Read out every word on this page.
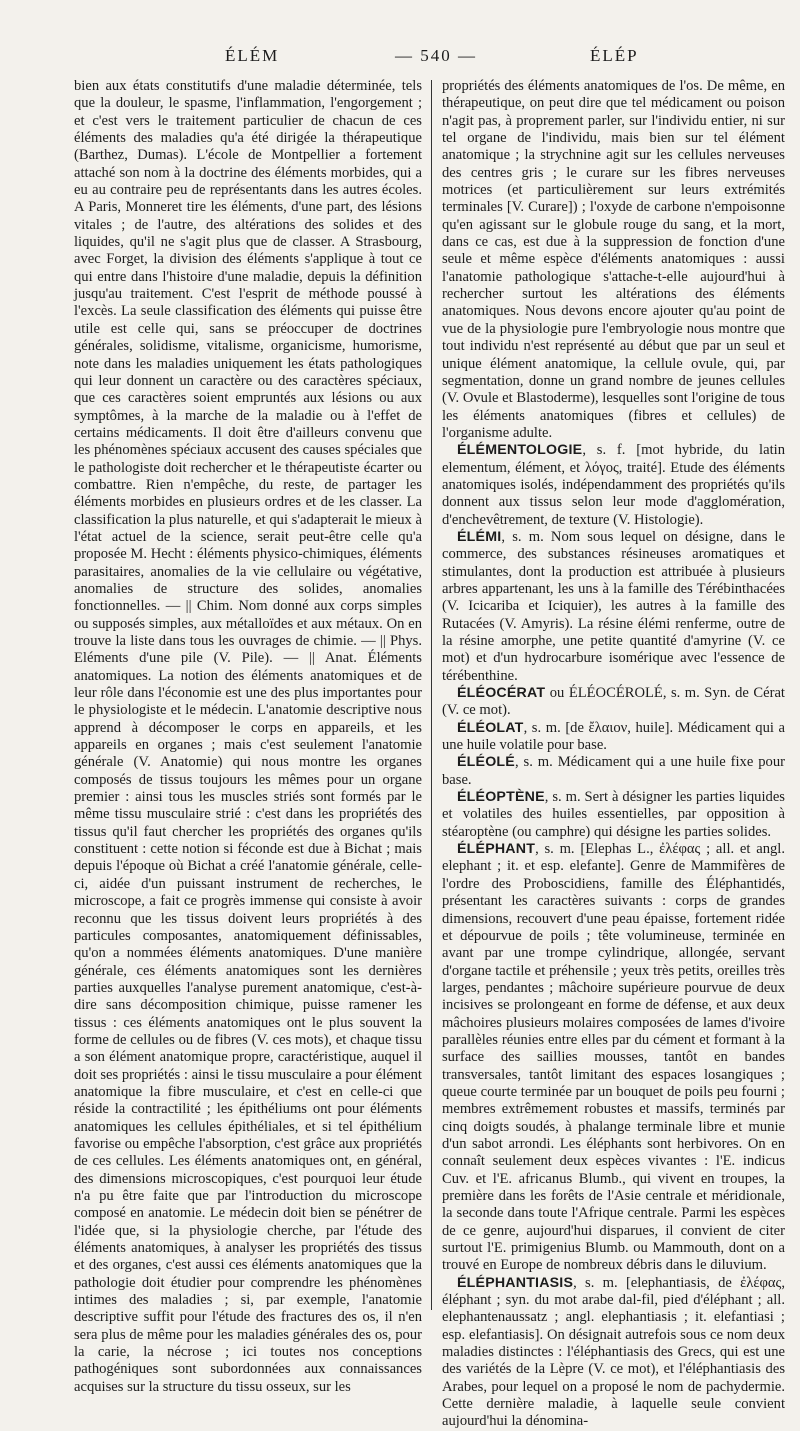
ÉLÉM	— 540 —	ÉLÉP

bien aux états constitutifs d'une maladie déterminée, tels que la douleur, le spasme, l'inflammation, l'engorgement ; et c'est vers le traitement particulier de chacun de ces éléments des maladies qu'a été dirigée la thérapeutique (Barthez, Dumas). L'école de Montpellier a fortement attaché son nom à la doctrine des éléments morbides, qui a eu au contraire peu de représentants dans les autres écoles. A Paris, Monneret tire les éléments, d'une part, des lésions vitales ; de l'autre, des altérations des solides et des liquides, qu'il ne s'agit plus que de classer. A Strasbourg, avec Forget, la division des éléments s'applique à tout ce qui entre dans l'histoire d'une maladie, depuis la définition jusqu'au traitement. C'est l'esprit de méthode poussé à l'excès. La seule classification des éléments qui puisse être utile est celle qui, sans se préoccuper de doctrines générales, solidisme, vitalisme, organicisme, humorisme, note dans les maladies uniquement les états pathologiques qui leur donnent un caractère ou des caractères spéciaux, que ces caractères soient empruntés aux lésions ou aux symptômes, à la marche de la maladie ou à l'effet de certains médicaments. Il doit être d'ailleurs convenu que les phénomènes spéciaux accusent des causes spéciales que le pathologiste doit rechercher et le thérapeutiste écarter ou combattre. Rien n'empêche, du reste, de partager les éléments morbides en plusieurs ordres et de les classer. La classification la plus naturelle, et qui s'adapterait le mieux à l'état actuel de la science, serait peut-être celle qu'a proposée M. Hecht : éléments physico-chimiques, éléments parasitaires, anomalies de la vie cellulaire ou végétative, anomalies de structure des solides, anomalies fonctionnelles. — || Chim. Nom donné aux corps simples ou supposés simples, aux métalloïdes et aux métaux. On en trouve la liste dans tous les ouvrages de chimie. — || Phys. Eléments d'une pile (V. Pile). — || Anat. Éléments anatomiques. La notion des éléments anatomiques et de leur rôle dans l'économie est une des plus importantes pour le physiologiste et le médecin. L'anatomie descriptive nous apprend à décomposer le corps en appareils, et les appareils en organes ; mais c'est seulement l'anatomie générale (V. Anatomie) qui nous montre les organes composés de tissus toujours les mêmes pour un organe premier : ainsi tous les muscles striés sont formés par le même tissu musculaire strié : c'est dans les propriétés des tissus qu'il faut chercher les propriétés des organes qu'ils constituent : cette notion si féconde est due à Bichat ; mais depuis l'époque où Bichat a créé l'anatomie générale, celle-ci, aidée d'un puissant instrument de recherches, le microscope, a fait ce progrès immense qui consiste à avoir reconnu que les tissus doivent leurs propriétés à des particules composantes, anatomiquement définissables, qu'on a nommées éléments anatomiques. D'une manière générale, ces éléments anatomiques sont les dernières parties auxquelles l'analyse purement anatomique, c'est-à-dire sans décomposition chimique, puisse ramener les tissus : ces éléments anatomiques ont le plus souvent la forme de cellules ou de fibres (V. ces mots), et chaque tissu a son élément anatomique propre, caractéristique, auquel il doit ses propriétés : ainsi le tissu musculaire a pour élément anatomique la fibre musculaire, et c'est en celle-ci que réside la contractilité ; les épithéliums ont pour éléments anatomiques les cellules épithéliales, et si tel épithélium favorise ou empêche l'absorption, c'est grâce aux propriétés de ces cellules. Les éléments anatomiques ont, en général, des dimensions microscopiques, c'est pourquoi leur étude n'a pu être faite que par l'introduction du microscope composé en anatomie. Le médecin doit bien se pénétrer de l'idée que, si la physiologie cherche, par l'étude des éléments anatomiques, à analyser les propriétés des tissus et des organes, c'est aussi ces éléments anatomiques que la pathologie doit étudier pour comprendre les phénomènes intimes des maladies ; si, par exemple, l'anatomie descriptive suffit pour l'étude des fractures des os, il n'en sera plus de même pour les maladies générales des os, pour la carie, la nécrose ; ici toutes nos conceptions pathogéniques sont subordonnées aux connaissances acquises sur la structure du tissu osseux, sur les

propriétés des éléments anatomiques de l'os. De même, en thérapeutique, on peut dire que tel médicament ou poison n'agit pas, à proprement parler, sur l'individu entier, ni sur tel organe de l'individu, mais bien sur tel élément anatomique ; la strychnine agit sur les cellules nerveuses des centres gris ; le curare sur les fibres nerveuses motrices (et particulièrement sur leurs extrémités terminales [V. Curare]) ; l'oxyde de carbone n'empoisonne qu'en agissant sur le globule rouge du sang, et la mort, dans ce cas, est due à la suppression de fonction d'une seule et même espèce d'éléments anatomiques : aussi l'anatomie pathologique s'attache-t-elle aujourd'hui à rechercher surtout les altérations des éléments anatomiques. Nous devons encore ajouter qu'au point de vue de la physiologie pure l'embryologie nous montre que tout individu n'est représenté au début que par un seul et unique élément anatomique, la cellule ovule, qui, par segmentation, donne un grand nombre de jeunes cellules (V. Ovule et Blastoderme), lesquelles sont l'origine de tous les éléments anatomiques (fibres et cellules) de l'organisme adulte.

ÉLÉMENTOLOGIE, s. f. [mot hybride, du latin elementum, élément, et λόγος, traité]. Etude des éléments anatomiques isolés, indépendamment des propriétés qu'ils donnent aux tissus selon leur mode d'agglomération, d'enchevêtrement, de texture (V. Histologie).

ÉLÉMI, s. m. Nom sous lequel on désigne, dans le commerce, des substances résineuses aromatiques et stimulantes, dont la production est attribuée à plusieurs arbres appartenant, les uns à la famille des Térébinthacées (V. Icicariba et Iciquier), les autres à la famille des Rutacées (V. Amyris). La résine élémi renferme, outre de la résine amorphe, une petite quantité d'amyrine (V. ce mot) et d'un hydrocarbure isomérique avec l'essence de térébenthine.

ÉLÉOCÉRAT ou ÉLÉOCÉROLÉ, s. m. Syn. de Cérat (V. ce mot).

ÉLÉOLAT, s. m. [de ἔλαιον, huile]. Médicament qui a une huile volatile pour base.

ÉLÉOLÉ, s. m. Médicament qui a une huile fixe pour base.

ÉLÉOPTÈNE, s. m. Sert à désigner les parties liquides et volatiles des huiles essentielles, par opposition à stéaroptène (ou camphre) qui désigne les parties solides.

ÉLÉPHANT, s. m. [Elephas L., ἐλέφας ; all. et angl. elephant ; it. et esp. elefante]. Genre de Mammifères de l'ordre des Proboscidiens, famille des Éléphantidés, présentant les caractères suivants : corps de grandes dimensions, recouvert d'une peau épaisse, fortement ridée et dépourvue de poils ; tête volumineuse, terminée en avant par une trompe cylindrique, allongée, servant d'organe tactile et préhensile ; yeux très petits, oreilles très larges, pendantes ; mâchoire supérieure pourvue de deux incisives se prolongeant en forme de défense, et aux deux mâchoires plusieurs molaires composées de lames d'ivoire parallèles réunies entre elles par du cément et formant à la surface des saillies mousses, tantôt en bandes transversales, tantôt limitant des espaces losangiques ; queue courte terminée par un bouquet de poils peu fourni ; membres extrêmement robustes et massifs, terminés par cinq doigts soudés, à phalange terminale libre et munie d'un sabot arrondi. Les éléphants sont herbivores. On en connaît seulement deux espèces vivantes : l'E. indicus Cuv. et l'E. africanus Blumb., qui vivent en troupes, la première dans les forêts de l'Asie centrale et méridionale, la seconde dans toute l'Afrique centrale. Parmi les espèces de ce genre, aujourd'hui disparues, il convient de citer surtout l'E. primigenius Blumb. ou Mammouth, dont on a trouvé en Europe de nombreux débris dans le diluvium.

ÉLÉPHANTIASIS, s. m. [elephantiasis, de ἐλέφας, éléphant ; syn. du mot arabe dal-fil, pied d'éléphant ; all. elephantenaussatz ; angl. elephantiasis ; it. elefantiasi ; esp. elefantiasis]. On désignait autrefois sous ce nom deux maladies distinctes : l'éléphantiasis des Grecs, qui est une des variétés de la Lèpre (V. ce mot), et l'éléphantiasis des Arabes, pour lequel on a proposé le nom de pachydermie. Cette dernière maladie, à laquelle seule convient aujourd'hui la dénomina-
